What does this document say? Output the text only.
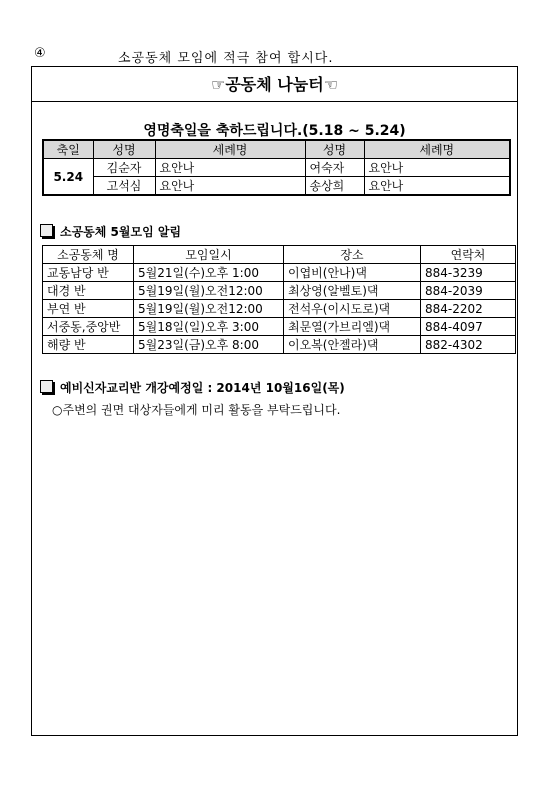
④	소공동체 모임에 적극 참여 합시다.
☞공동체 나눔터☜
영명축일을 축하드립니다.(5.18 ~ 5.24)
축일	성명	세례명	성명	세례명
5.24	김순자	요안나	여숙자	요안나
	고석심	요안나	송상희	요안나
소공동체 5월모임 알림
소공동체 명	모임일시	장소	연락처
교동남당 반	5월21일(수)오후 1:00	이엽비(안나)댁	884-3239
대경 반	5월19일(월)오전12:00	최상영(알벨토)댁	884-2039
부연 반	5월19일(월)오전12:00	전석우(이시도로)댁	884-2202
서중동,중앙반	5월18일(일)오후 3:00	최문열(가브리엘)댁	884-4097
해량 반	5월23일(금)오후 8:00	이오복(안젤라)댁	882-4302
예비신자교리반 개강예정일 : 2014년 10월16일(목)
○주변의 권면 대상자들에게 미리 활동을 부탁드립니다.
